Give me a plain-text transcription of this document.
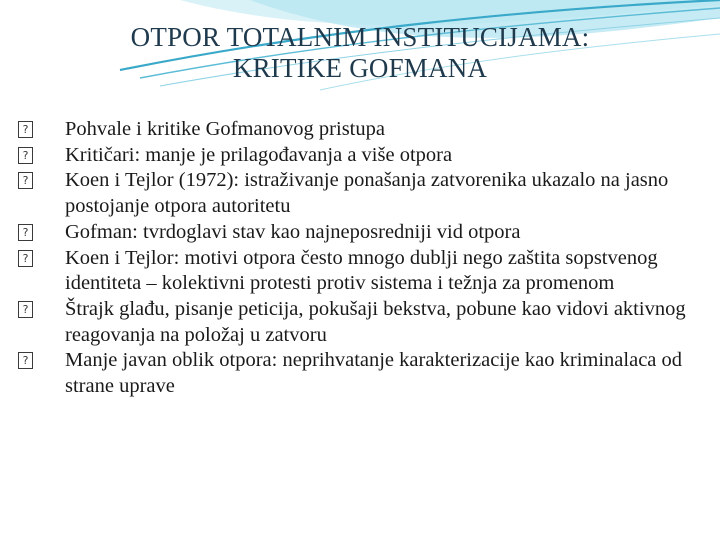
OTPOR TOTALNIM INSTITUCIJAMA:
KRITIKE GOFMANA
? Pohvale i kritike Gofmanovog pristupa
? Kritičari: manje je prilagođavanja a više otpora
? Koen i Tejlor (1972): istraživanje ponašanja zatvorenika ukazalo na jasno postojanje otpora autoritetu
? Gofman: tvrdoglavi stav kao najneposredniji vid otpora
? Koen i Tejlor: motivi otpora često mnogo dublji nego zaštita sopstvenog identiteta – kolektivni protesti protiv sistema i težnja za promenom
? Štrajk glađu, pisanje peticija, pokušaji bekstva, pobune kao vidovi aktivnog reagovanja na položaj u zatvoru
? Manje javan oblik otpora: neprihvatanje karakterizacije kao kriminalaca od strane uprave
